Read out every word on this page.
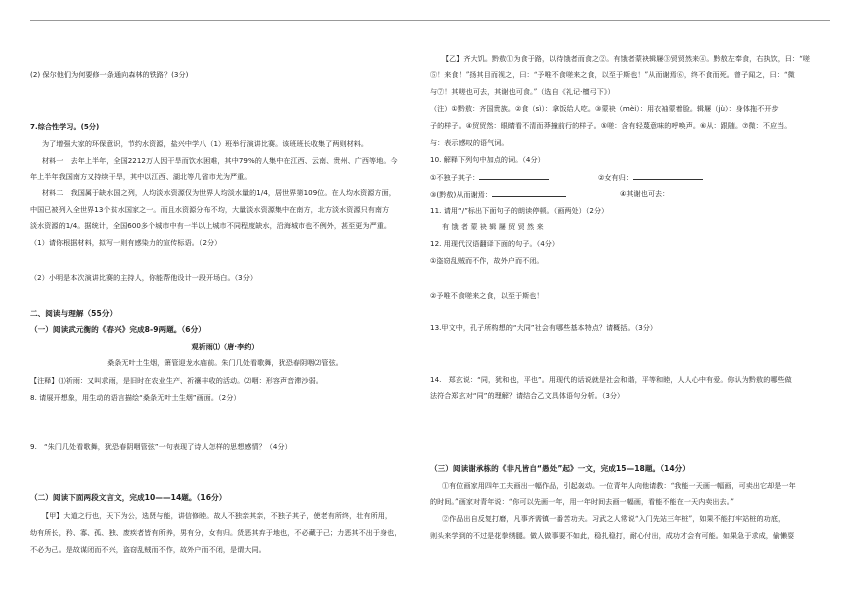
(2) 保尔他们为何要修一条通向森林的铁路？(3分)
7.综合性学习。(5分)
为了增强大家的环保意识，节约水资源，盐兴中学八（1）班举行演讲比赛。该班班长收集了两则材料。
材料一　去年上半年，全国2212万人因干旱而饮水困难，其中79%的人集中在江西、云南、贵州、广西等地。今
年上半年我国南方又持续干旱，其中以江西、湖北等几省市尤为严重。
材料二　我国属于缺水国之列，人均淡水资源仅为世界人均淡水量的1/4，居世界第109位。在人均水资源方面，
中国已被列入全世界13个贫水国家之一。而且水资源分布不均，大量淡水资源集中在南方，北方淡水资源只有南方
淡水资源的1/4。据统计，全国600多个城市中有一半以上城市不同程度缺水，沿海城市也不例外，甚至更为严重。
（1）请你根据材料，拟写一则有感染力的宣传标语。（2分）
（2）小明是本次演讲比赛的主持人，你能帮他设计一段开场白。（3分）
二、阅读与理解（55分）
（一）阅读武元衡的《春兴》完成8-9两题。（6分）
观祈雨⑴（唐·李约）
桑条无叶土生烟，箫管迎龙水庙前。朱门几处看歌舞，犹恐春阴咽⑵管弦。
【注释】⑴祈雨：又叫求雨，是旧时在农业生产、祈禳丰收的活动。⑵咽：形容声音滞沙弱。
8. 请展开想象，用生动的语言描绘“桑条无叶土生烟”画面。（2分）
9.　“朱门几处看歌舞，犹恐春阴咽管弦”一句表现了诗人怎样的思想感情？（4分）
（二）阅读下面两段文言文，完成10——14题。（16分）
【甲】大道之行也，天下为公，选贤与能，讲信修睦。故人不独亲其亲，不独子其子，使老有所终，壮有所用，
幼有所长，矜、寡、孤、独、废疾者皆有所养，男有分，女有归。货恶其弃于地也，不必藏于己；力恶其不出于身也，
不必为己。是故谋闭而不兴，盗窃乱贼而不作，故外户而不闭，是谓大同。
【乙】齐大饥。黔敖①为食于路，以待饿者而食之②。有饿者蒙袂辑屦③贸贸然来④。黔敖左奉食，右执饮，曰：“嗟
⑤！来食！”扬其目而视之，曰：“予唯不食嗟来之食，以至于斯也！”从而谢焉⑥，终不食而死。曾子闻之，曰：“微
与⑦！其嗟也可去，其谢也可食。”（选自《礼记·檀弓下》）
（注）①黔敖：齐国贵族。②食（sì）：拿饭给人吃。③蒙袂（mèi）：用衣袖蒙着脸。辑屦（jù）：身体拖不开步
子的样子。④贸贸然：眼睛看不清而莽撞前行的样子。⑤嗟：含有轻蔑意味的呼唤声。⑥从：跟随。⑦微：不应当。
与：表示感叹的语气词。
10. 解释下列句中加点的词。（4分）
①不独子其子：	②女有归：
③(黔敖)从而谢焉：	④其谢也可去：
11. 请用“/”标出下面句子的朗读停顿。（画两处）（2分）
有 饿 者 蒙 袂 辑 屦 贸 贸 然 来
12. 用现代汉语翻译下面的句子。（4分）
①盗窃乱贼而不作，故外户而不闭。
②予唯不食嗟来之食，以至于斯也！
13.甲文中，孔子所构想的“大同”社会有哪些基本特点？请概括。（3分）
14.　郑玄说：“同，犹和也，平也”。用现代的话说就是社会和谐，平等和睦，人人心中有爱。你认为黔敖的哪些做
法符合郑玄对“同”的理解？请结合乙文具体语句分析。（3分）
（三）阅读谢承栋的《非凡皆自“愚处”起》一文，完成15—18题。（14分）
①有位画家用四年工夫画出一幅作品，引起轰动。一位青年人向他请教：“我能一天画一幅画，可卖出它却是一年
的时间。”画家对青年说：“你可以先画一年，用一年时间去画一幅画，看能不能在一天内卖出去。”
②作品出自反复打磨，凡事齐需镇一番苦功夫。习武之人常说“入门先站三年桩”，如果不能打牢站桩的功底，
则头来学到的不过是花拳绣腿。做人做事要不如此，稳扎稳打，耐心付出，成功才会有可能。如果急于求成，偷懒耍
